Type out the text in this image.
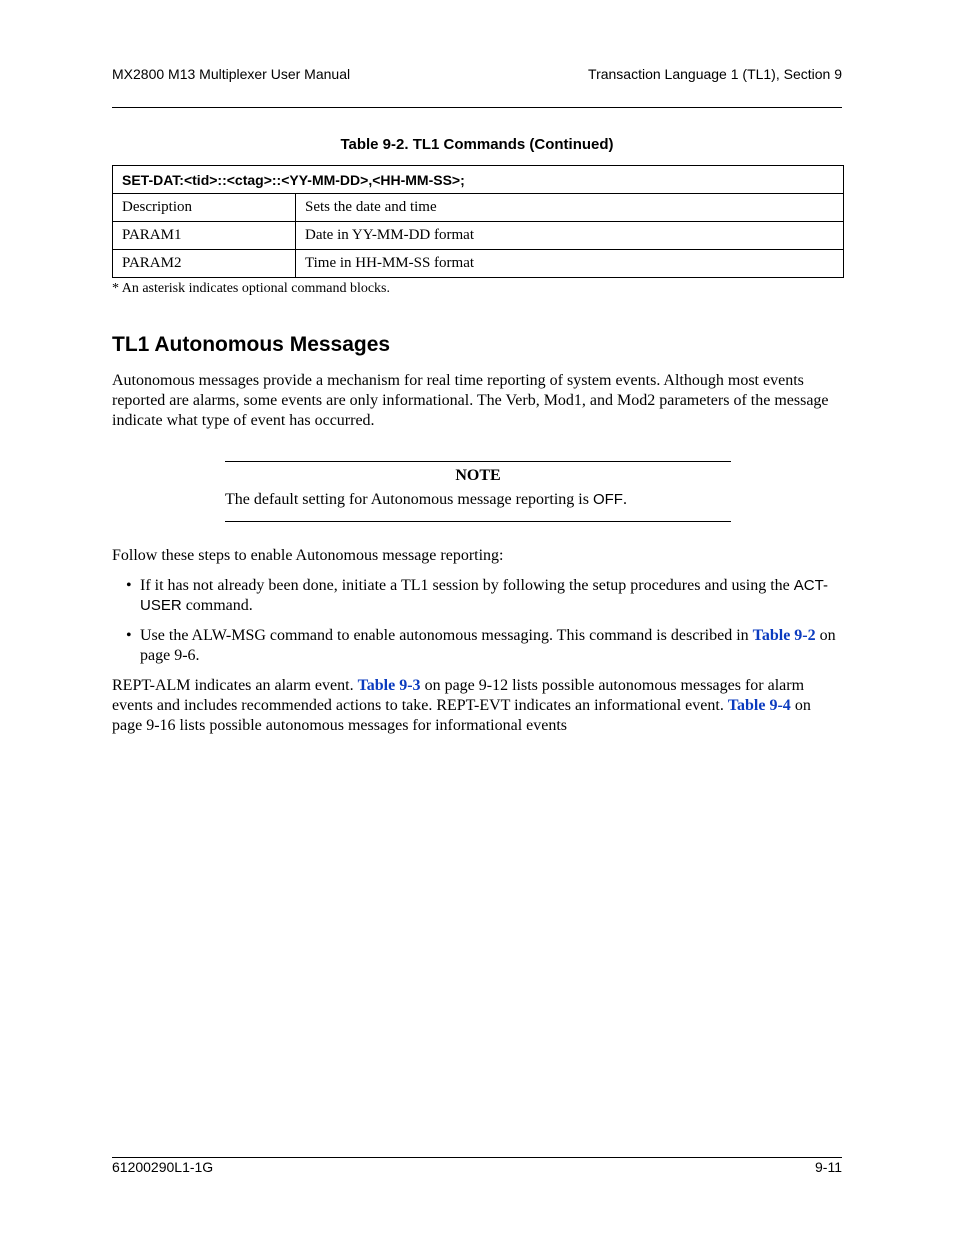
MX2800 M13 Multiplexer User Manual	Transaction Language 1 (TL1), Section 9
Table 9-2. TL1 Commands (Continued)
SET-DAT:<tid>::<ctag>::<YY-MM-DD>,<HH-MM-SS>;	
Description	Sets the date and time
PARAM1	Date in YY-MM-DD format
PARAM2	Time in HH-MM-SS format
* An asterisk indicates optional command blocks.
TL1 Autonomous Messages

Autonomous messages provide a mechanism for real time reporting of system events. Although most events reported are alarms, some events are only informational. The Verb, Mod1, and Mod2 parameters of the message indicate what type of event has occurred.

NOTE
The default setting for Autonomous message reporting is OFF.

Follow these steps to enable Autonomous message reporting:

• If it has not already been done, initiate a TL1 session by following the setup procedures and using the ACT-USER command.
• Use the ALW-MSG command to enable autonomous messaging. This command is described in Table 9-2 on page 9-6.

REPT-ALM indicates an alarm event. Table 9-3 on page 9-12 lists possible autonomous messages for alarm events and includes recommended actions to take. REPT-EVT indicates an informational event. Table 9-4 on page 9-16 lists possible autonomous messages for informational events

61200290L1-1G	9-11
